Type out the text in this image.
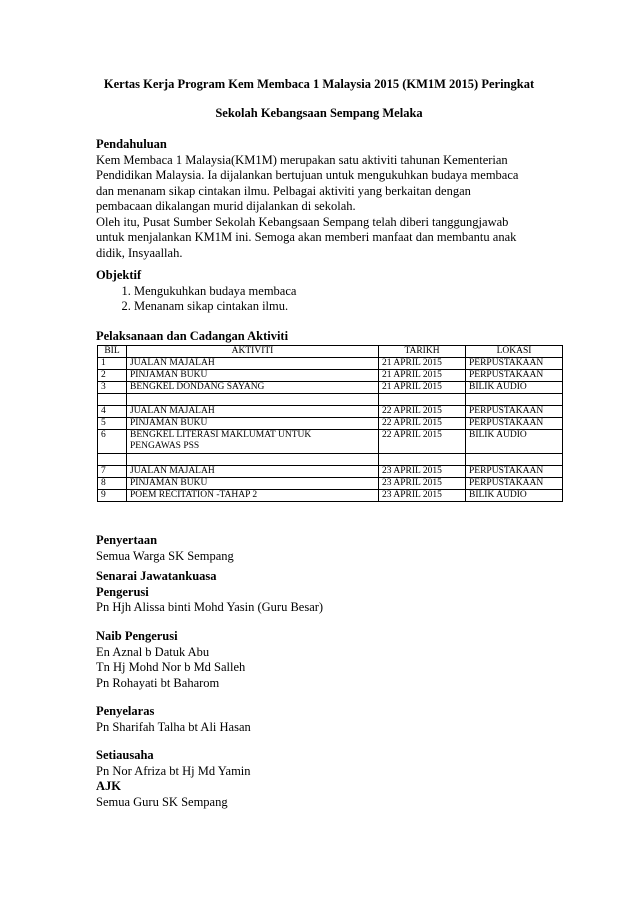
Kertas Kerja Program Kem Membaca 1 Malaysia 2015 (KM1M 2015) Peringkat
Sekolah Kebangsaan Sempang Melaka
Pendahuluan
Kem Membaca 1 Malaysia(KM1M) merupakan satu aktiviti tahunan Kementerian
Pendidikan Malaysia. Ia dijalankan bertujuan untuk mengukuhkan budaya membaca
dan menanam sikap cintakan ilmu. Pelbagai aktiviti yang berkaitan dengan
pembacaan dikalangan murid dijalankan di sekolah.
Oleh itu, Pusat Sumber Sekolah Kebangsaan Sempang telah diberi tanggungjawab
untuk menjalankan KM1M ini. Semoga akan memberi manfaat dan membantu anak
didik, Insyaallah.
Objektif
1. Mengukuhkan budaya membaca
2. Menanam sikap cintakan ilmu.
Pelaksanaan dan Cadangan Aktiviti
BIL	AKTIVITI	TARIKH	LOKASI
1	JUALAN MAJALAH	21 APRIL 2015	PERPUSTAKAAN
2	PINJAMAN BUKU	21 APRIL 2015	PERPUSTAKAAN
3	BENGKEL DONDANG SAYANG	21 APRIL 2015	BILIK AUDIO

4	JUALAN MAJALAH	22 APRIL 2015	PERPUSTAKAAN
5	PINJAMAN BUKU	22 APRIL 2015	PERPUSTAKAAN
6	BENGKEL LITERASI MAKLUMAT UNTUK
PENGAWAS PSS	22 APRIL 2015	BILIK AUDIO

7	JUALAN MAJALAH	23 APRIL 2015	PERPUSTAKAAN
8	PINJAMAN BUKU	23 APRIL 2015	PERPUSTAKAAN
9	POEM RECITATION -TAHAP 2	23 APRIL 2015	BILIK AUDIO
Penyertaan
Semua Warga SK Sempang
Senarai Jawatankuasa
Pengerusi
Pn Hjh Alissa binti Mohd Yasin (Guru Besar)
Naib Pengerusi
En Aznal b Datuk Abu
Tn Hj Mohd Nor b Md Salleh
Pn Rohayati bt Baharom
Penyelaras
Pn Sharifah Talha bt Ali Hasan
Setiausaha
Pn Nor Afriza bt Hj Md Yamin
AJK
Semua Guru SK Sempang
